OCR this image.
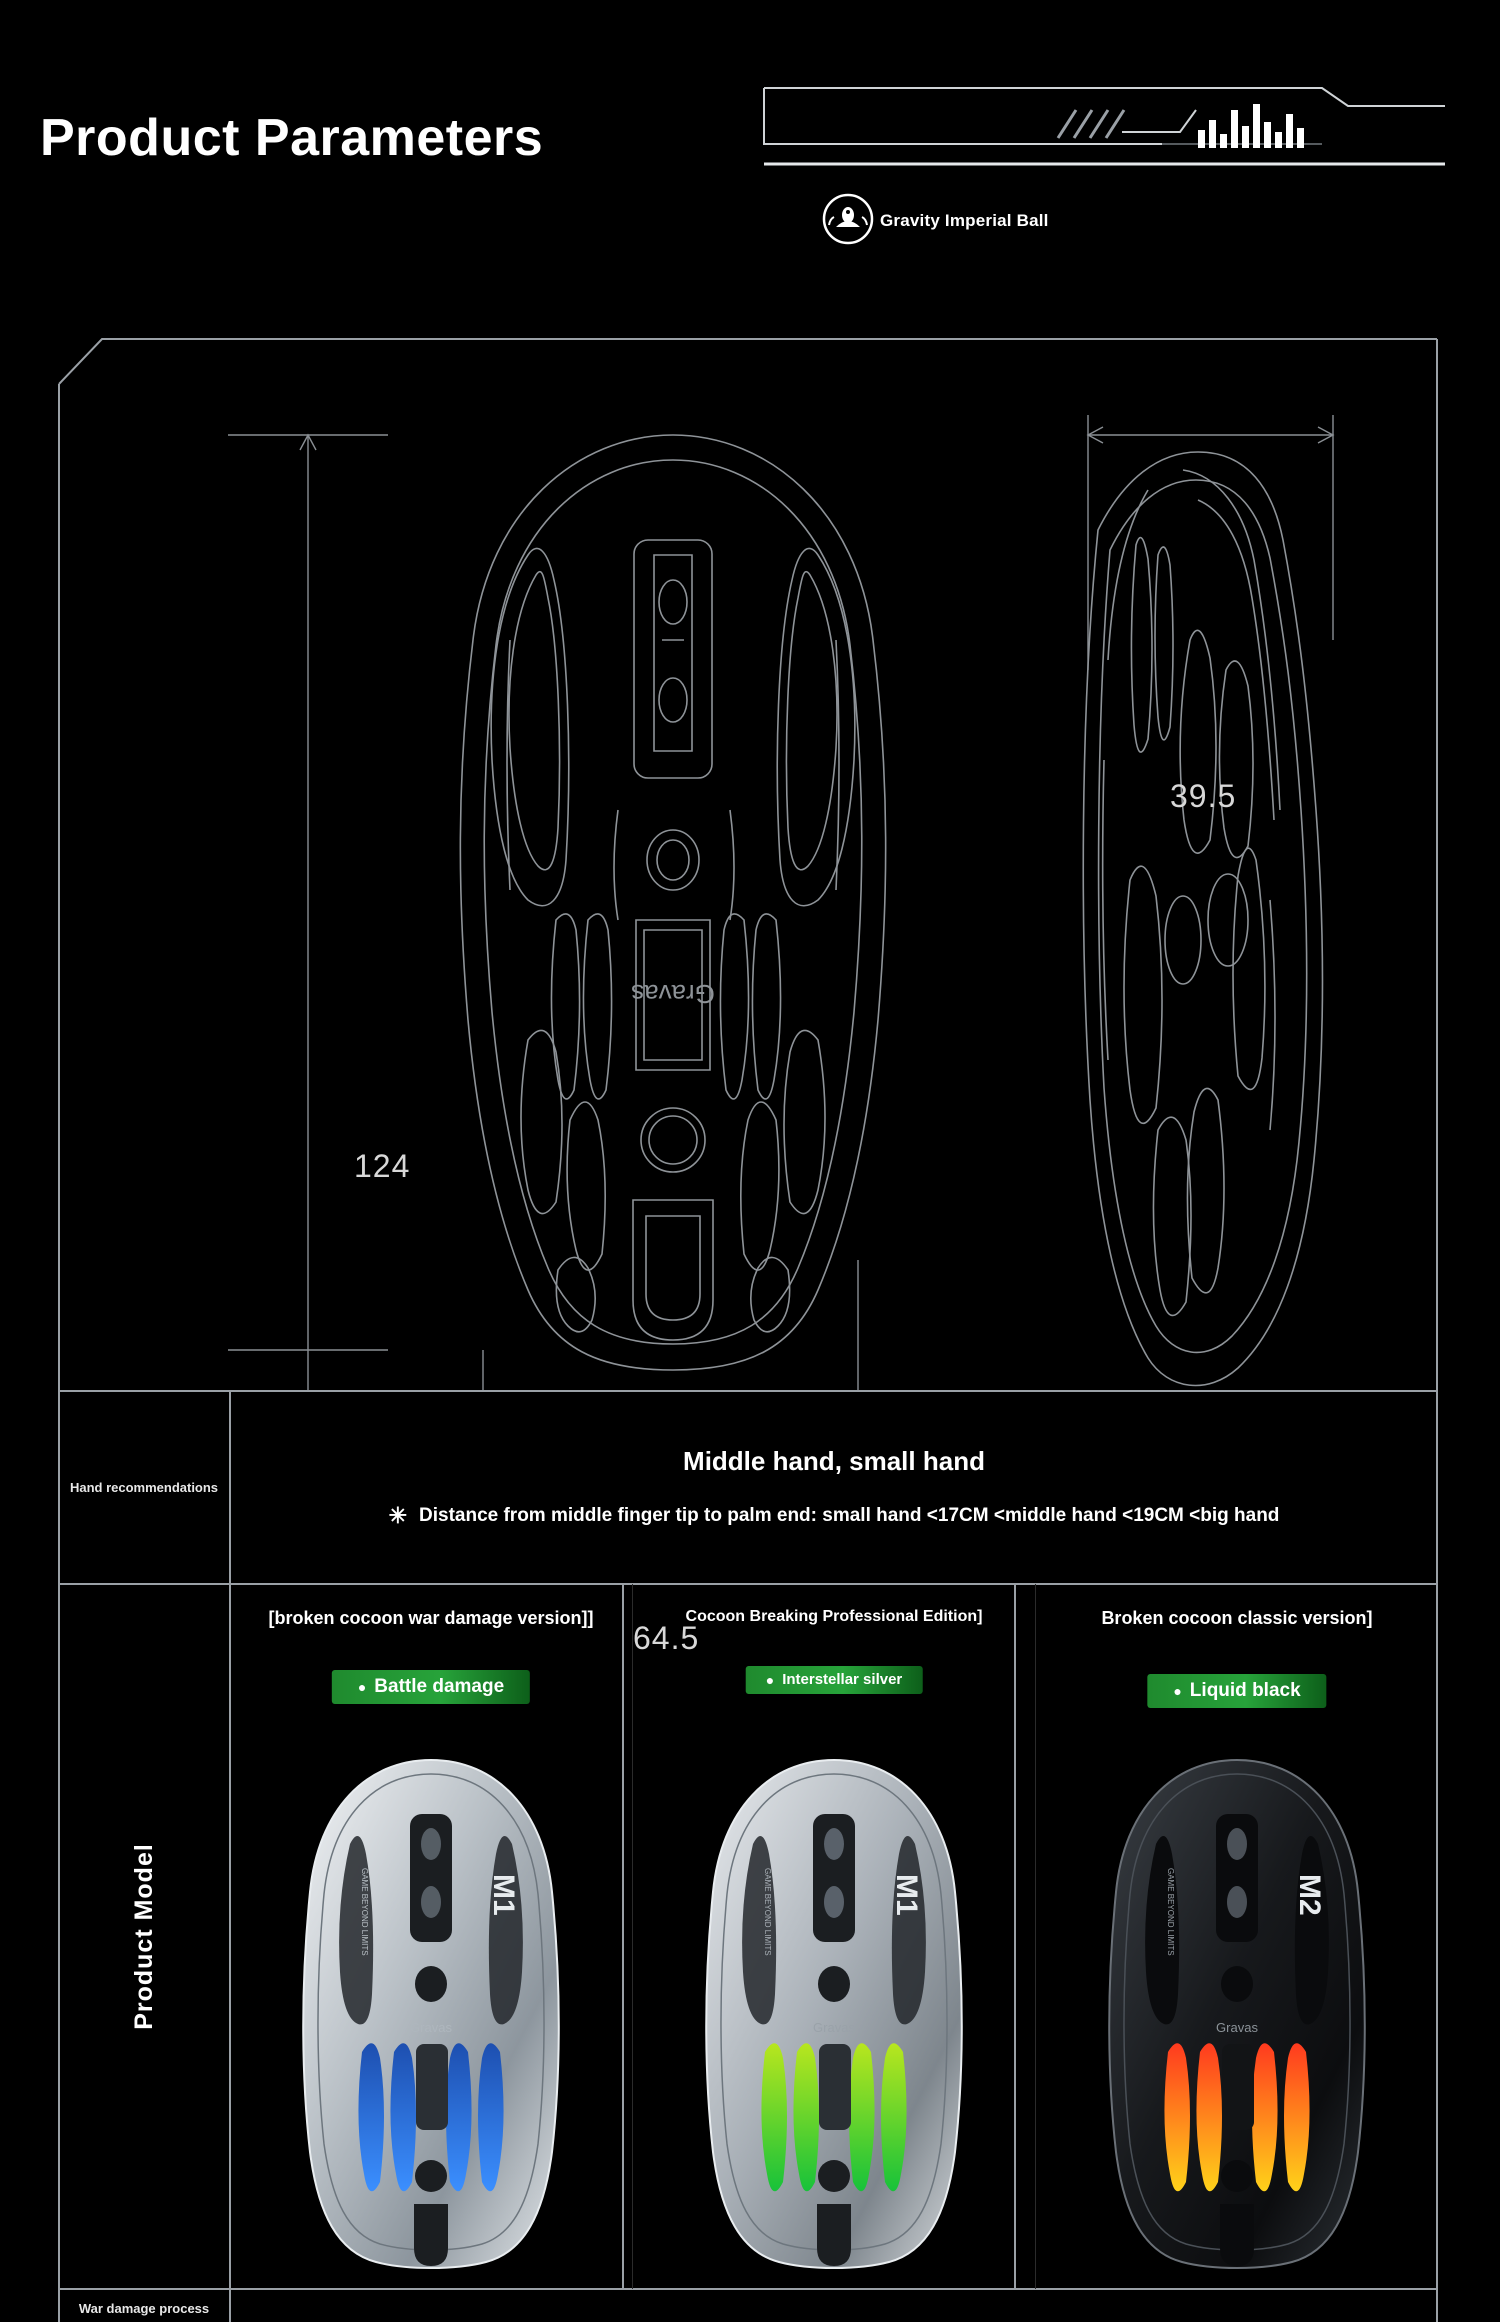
Product Parameters
Gravity Imperial Ball
Gravas
124
64.5
39.5
Hand recommendations
Middle hand, small hand
✳ Distance from middle finger tip to palm end: small hand <17CM <middle hand <19CM <big hand
Product Model
[broken cocoon war damage version]]
● Battle damage
M1
GAME BEYOND LIMITS
Gravas
Cocoon Breaking Professional Edition]
● Interstellar silver
M1
GAME BEYOND LIMITS
Gravas
Broken cocoon classic version]
● Liquid black
M2
GAME BEYOND LIMITS
Gravas
War damage process
